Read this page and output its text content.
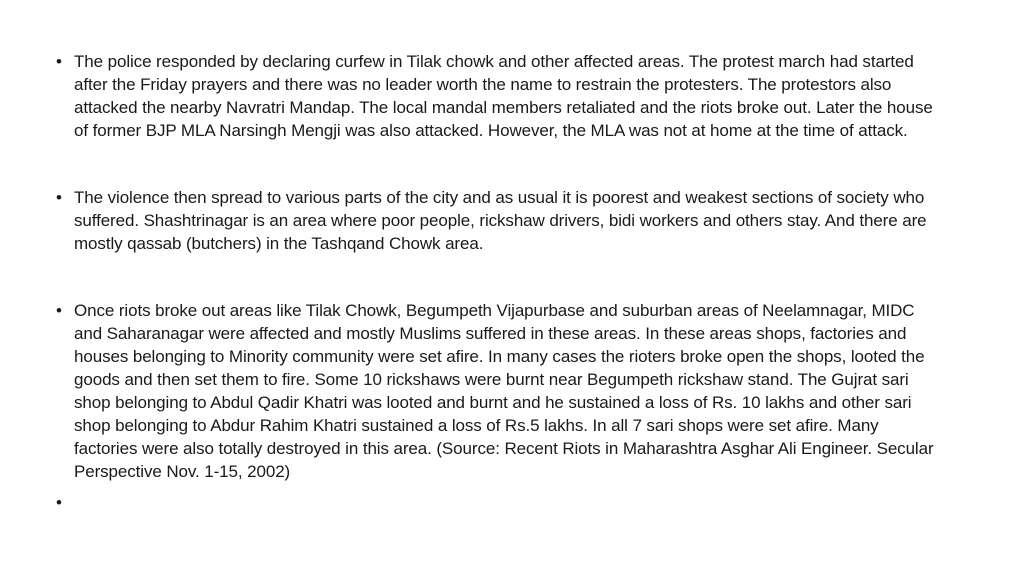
• The police responded by declaring curfew in Tilak chowk and other affected areas. The protest march had started after the Friday prayers and there was no leader worth the name to restrain the protesters. The protestors also attacked the nearby Navratri Mandap. The local mandal members retaliated and the riots broke out. Later the house of former BJP MLA Narsingh Mengji was also attacked. However, the MLA was not at home at the time of attack.
• The violence then spread to various parts of the city and as usual it is poorest and weakest sections of society who suffered. Shashtrinagar is an area where poor people, rickshaw drivers, bidi workers and others stay. And there are mostly qassab (butchers) in the Tashqand Chowk area.
• Once riots broke out areas like Tilak Chowk, Begumpeth Vijapurbase and suburban areas of Neelamnagar, MIDC and Saharanagar were affected and mostly Muslims suffered in these areas. In these areas shops, factories and houses belonging to Minority community were set afire. In many cases the rioters broke open the shops, looted the goods and then set them to fire. Some 10 rickshaws were burnt near Begumpeth rickshaw stand. The Gujrat sari shop belonging to Abdul Qadir Khatri was looted and burnt and he sustained a loss of Rs. 10 lakhs and other sari shop belonging to Abdur Rahim Khatri sustained a loss of Rs.5 lakhs. In all 7 sari shops were set afire. Many factories were also totally destroyed in this area. (Source: Recent Riots in Maharashtra Asghar Ali Engineer. Secular Perspective Nov. 1-15, 2002)
•
